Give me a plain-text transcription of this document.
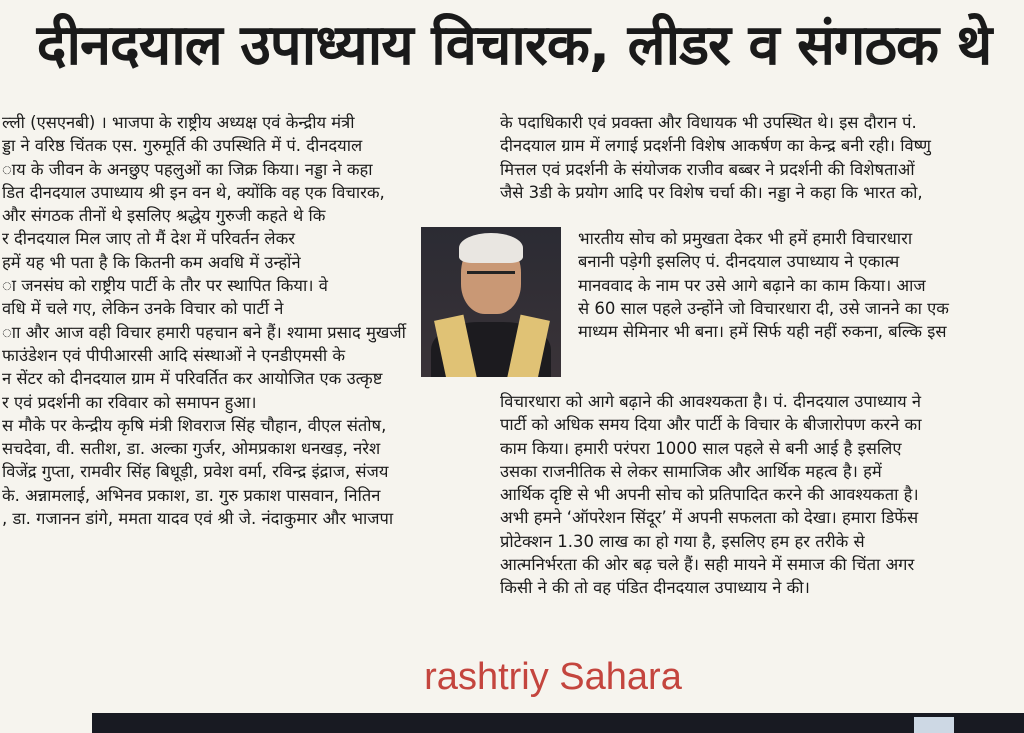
दीनदयाल उपाध्याय विचारक, लीडर व संगठक थे
ल्ली (एसएनबी) । भाजपा के राष्ट्रीय अध्यक्ष एवं केन्द्रीय मंत्री
ड्डा ने वरिष्ठ चिंतक एस. गुरुमूर्ति की उपस्थिति में पं. दीनदयाल
ाय के जीवन के अनछुए पहलुओं का जिक्र किया। नड्डा ने कहा
डित दीनदयाल उपाध्याय श्री इन वन थे, क्योंकि वह एक विचारक,
और संगठक तीनों थे इसलिए श्रद्धेय गुरुजी कहते थे कि
र दीनदयाल मिल जाए तो मैं देश में परिवर्तन लेकर
हमें यह भी पता है कि कितनी कम अवधि में उन्होंने
ा जनसंघ को राष्ट्रीय पार्टी के तौर पर स्थापित किया। वे
वधि में चले गए, लेकिन उनके विचार को पार्टी ने
ाा और आज वही विचार हमारी पहचान बने हैं। श्यामा प्रसाद मुखर्जी
फाउंडेशन एवं पीपीआरसी आदि संस्थाओं ने एनडीएमसी के
न सेंटर को दीनदयाल ग्राम में परिवर्तित कर आयोजित एक उत्कृष्ट
र एवं प्रदर्शनी का रविवार को समापन हुआ।
स मौके पर केन्द्रीय कृषि मंत्री शिवराज सिंह चौहान, वीएल संतोष,
सचदेवा, वी. सतीश, डा. अल्का गुर्जर, ओमप्रकाश धनखड़, नरेश
विजेंद्र गुप्ता, रामवीर सिंह बिधूड़ी, प्रवेश वर्मा, रविन्द्र इंद्राज, संजय
के. अन्नामलाई, अभिनव प्रकाश, डा. गुरु प्रकाश पासवान, नितिन
, डा. गजानन डांगे, ममता यादव एवं श्री जे. नंदाकुमार और भाजपा
के पदाधिकारी एवं प्रवक्ता और विधायक भी उपस्थित थे। इस दौरान पं.
दीनदयाल ग्राम में लगाई प्रदर्शनी विशेष आकर्षण का केन्द्र बनी रही। विष्णु
मित्तल एवं प्रदर्शनी के संयोजक राजीव बब्बर ने प्रदर्शनी की विशेषताओं
जैसे 3डी के प्रयोग आदि पर विशेष चर्चा की। नड्डा ने कहा कि भारत को,
भारतीय सोच को प्रमुखता देकर भी हमें हमारी विचारधारा
बनानी पड़ेगी इसलिए पं. दीनदयाल उपाध्याय ने एकात्म
मानववाद के नाम पर उसे आगे बढ़ाने का काम किया। आज
से 60 साल पहले उन्होंने जो विचारधारा दी, उसे जानने का एक
माध्यम सेमिनार भी बना। हमें सिर्फ यही नहीं रुकना, बल्कि इस
विचारधारा को आगे बढ़ाने की आवश्यकता है। पं. दीनदयाल उपाध्याय ने
पार्टी को अधिक समय दिया और पार्टी के विचार के बीजारोपण करने का
काम किया। हमारी परंपरा 1000 साल पहले से बनी आई है इसलिए
उसका राजनीतिक से लेकर सामाजिक और आर्थिक महत्व है। हमें
आर्थिक दृष्टि से भी अपनी सोच को प्रतिपादित करने की आवश्यकता है।
अभी हमने ‘ऑपरेशन सिंदूर’ में अपनी सफलता को देखा। हमारा डिफेंस
प्रोटेक्शन 1.30 लाख का हो गया है, इसलिए हम हर तरीके से
आत्मनिर्भरता की ओर बढ़ चले हैं। सही मायने में समाज की चिंता अगर
किसी ने की तो वह पंडित दीनदयाल उपाध्याय ने की।
rashtriy Sahara
